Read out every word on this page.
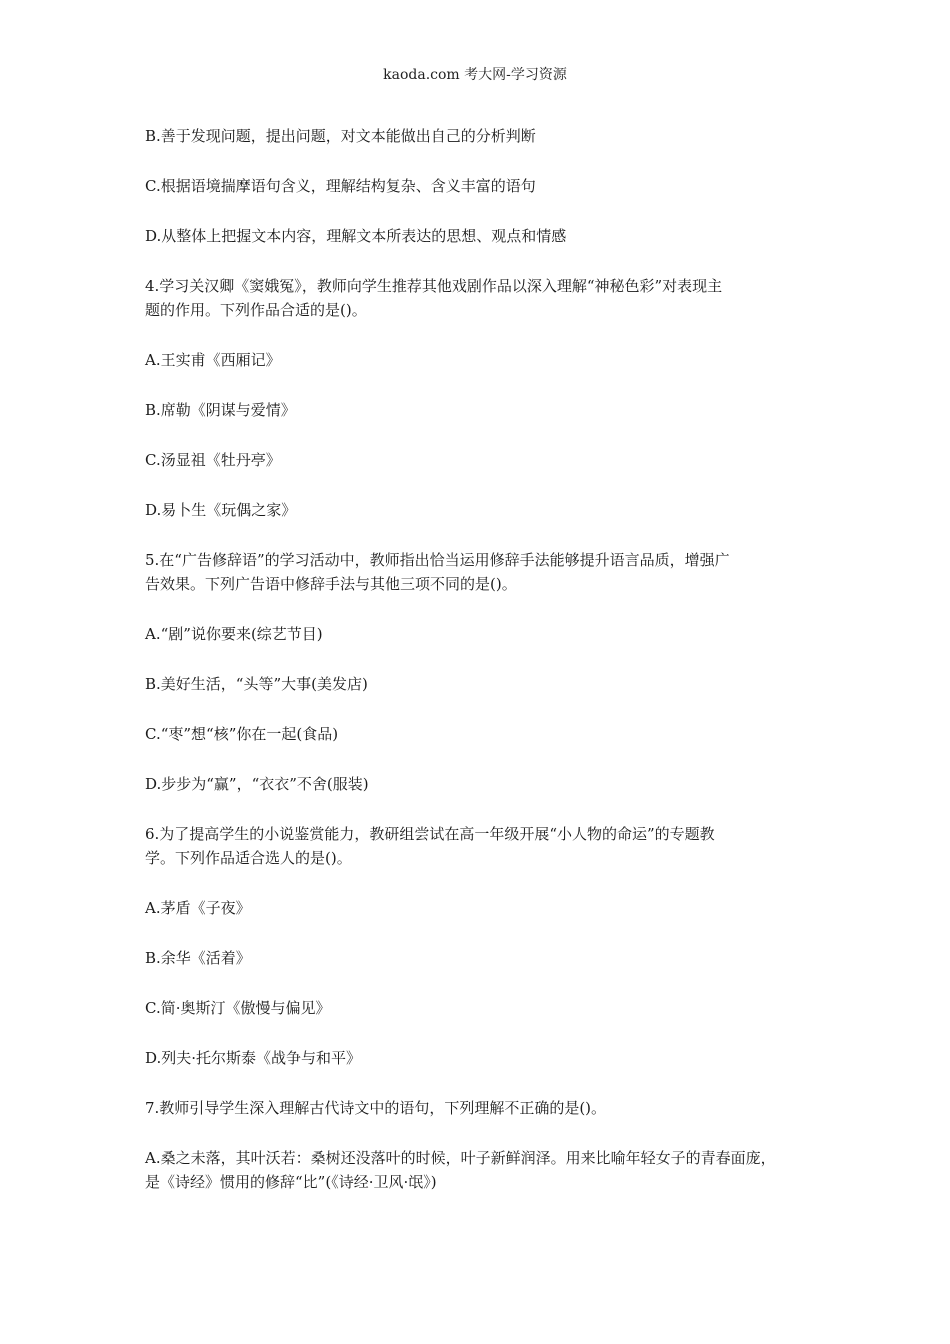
kaoda.com 考大网-学习资源
B.善于发现问题，提出问题，对文本能做出自己的分析判断
C.根据语境揣摩语句含义，理解结构复杂、含义丰富的语句
D.从整体上把握文本内容，理解文本所表达的思想、观点和情感
4.学习关汉卿《窦娥冤》，教师向学生推荐其他戏剧作品以深入理解“神秘色彩”对表现主
题的作用。下列作品合适的是()。
A.王实甫《西厢记》
B.席勒《阴谋与爱情》
C.汤显祖《牡丹亭》
D.易卜生《玩偶之家》
5.在“广告修辞语”的学习活动中，教师指出恰当运用修辞手法能够提升语言品质，增强广
告效果。下列广告语中修辞手法与其他三项不同的是()。
A.“剧”说你要来(综艺节目)
B.美好生活，“头等”大事(美发店)
C.“枣”想“核”你在一起(食品)
D.步步为“赢”，“衣衣”不舍(服装)
6.为了提高学生的小说鉴赏能力，教研组尝试在高一年级开展“小人物的命运”的专题教
学。下列作品适合选人的是()。
A.茅盾《子夜》
B.余华《活着》
C.简·奥斯汀《傲慢与偏见》
D.列夫·托尔斯泰《战争与和平》
7.教师引导学生深入理解古代诗文中的语句，下列理解不正确的是()。
A.桑之未落，其叶沃若：桑树还没落叶的时候，叶子新鲜润泽。用来比喻年轻女子的青春面庞，
是《诗经》惯用的修辞“比”(《诗经·卫风·氓》)
